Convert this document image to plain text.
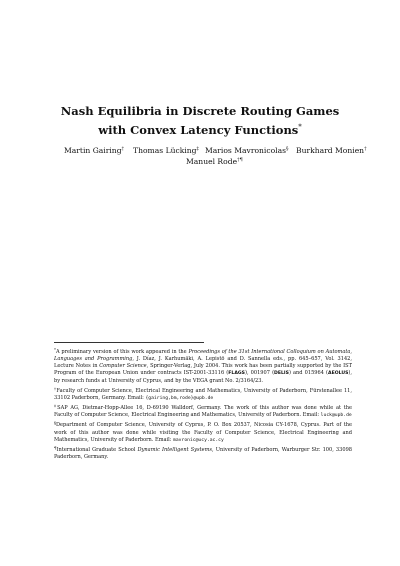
Nash Equilibria in Discrete Routing Games
with Convex Latency Functions*
Martin Gairing† Thomas Lücking‡ Marios Mavronicolas§ Burkhard Monien†
Manuel Rode†¶

*A preliminary version of this work appeared in the Proceedings of the 31st International Colloquium on Automata, Languages and Programming, J. Díaz, J. Karhumäki, A. Lepistö and D. Sannella eds., pp. 645–657, Vol. 3142, Lecture Notes in Computer Science, Springer-Verlag, July 2004. This work has been partially supported by the IST Program of the European Union under contracts IST-2001-33116 (FLAGS), 001907 (DELIS) and 015964 (AEOLUS), by research funds at University of Cyprus, and by the VEGA grant No. 2/3164/23.

†Faculty of Computer Science, Electrical Engineering and Mathematics, University of Paderborn, Fürstenallee 11, 33102 Paderborn, Germany. Email: {gairing,bm,rode}@upb.de

‡SAP AG, Dietmar-Hopp-Allee 16, D-69190 Walldorf, Germany. The work of this author was done while at the Faculty of Computer Science, Electrical Engineering and Mathematics, University of Paderborn. Email: luck@upb.de

§Department of Computer Science, University of Cyprus, P. O. Box 20537, Nicosia CY-1678, Cyprus. Part of the work of this author was done while visiting the Faculty of Computer Science, Electrical Engineering and Mathematics, University of Paderborn. Email: mavronic@ucy.ac.cy

¶International Graduate School Dynamic Intelligent Systems, University of Paderborn, Warburger Str. 100, 33098 Paderborn, Germany.
